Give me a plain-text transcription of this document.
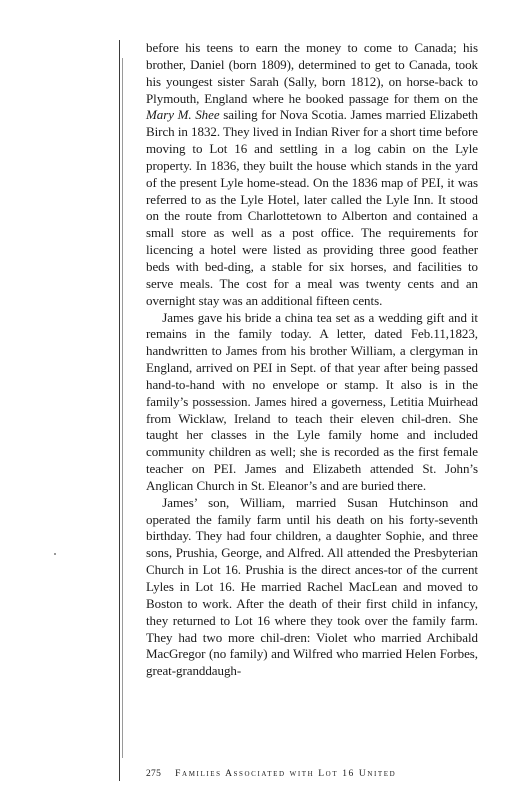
before his teens to earn the money to come to Canada; his brother, Daniel (born 1809), determined to get to Canada, took his youngest sister Sarah (Sally, born 1812), on horse-back to Plymouth, England where he booked passage for them on the Mary M. Shee sailing for Nova Scotia. James married Elizabeth Birch in 1832. They lived in Indian River for a short time before moving to Lot 16 and settling in a log cabin on the Lyle property. In 1836, they built the house which stands in the yard of the present Lyle home-stead. On the 1836 map of PEI, it was referred to as the Lyle Hotel, later called the Lyle Inn. It stood on the route from Charlottetown to Alberton and contained a small store as well as a post office. The requirements for licencing a hotel were listed as providing three good feather beds with bed-ding, a stable for six horses, and facilities to serve meals. The cost for a meal was twenty cents and an overnight stay was an additional fifteen cents.

James gave his bride a china tea set as a wedding gift and it remains in the family today. A letter, dated Feb.11,1823, handwritten to James from his brother William, a clergyman in England, arrived on PEI in Sept. of that year after being passed hand-to-hand with no envelope or stamp. It also is in the family’s possession. James hired a governess, Letitia Muirhead from Wicklaw, Ireland to teach their eleven chil-dren. She taught her classes in the Lyle family home and included community children as well; she is recorded as the first female teacher on PEI. James and Elizabeth attended St. John’s Anglican Church in St. Eleanor’s and are buried there.

James’ son, William, married Susan Hutchinson and operated the family farm until his death on his forty-seventh birthday. They had four children, a daughter Sophie, and three sons, Prushia, George, and Alfred. All attended the Presbyterian Church in Lot 16. Prushia is the direct ances-tor of the current Lyles in Lot 16. He married Rachel MacLean and moved to Boston to work. After the death of their first child in infancy, they returned to Lot 16 where they took over the family farm. They had two more chil-dren: Violet who married Archibald MacGregor (no family) and Wilfred who married Helen Forbes, great-granddaugh-

275 Families Associated with Lot 16 United
